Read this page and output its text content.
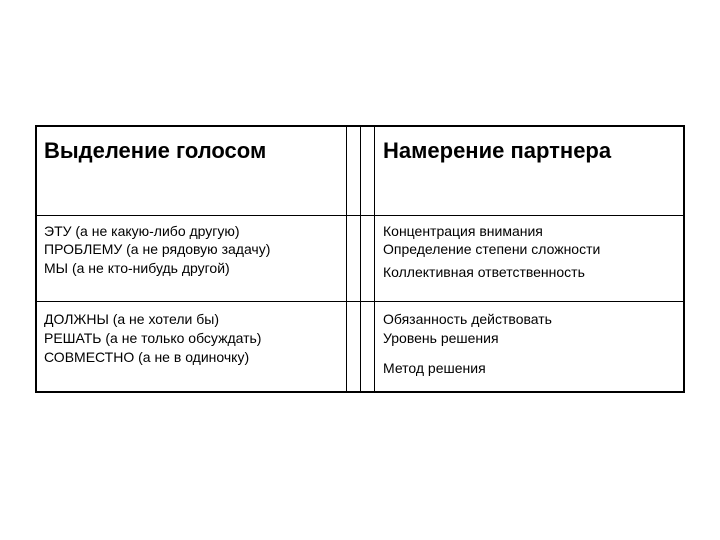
Выделение голосом	Намерение партнера
ЭТУ (а не какую-либо другую)
ПРОБЛЕМУ (а не рядовую задачу)
МЫ (а не кто-нибудь другой)
Концентрация внимания
Определение степени сложности
Коллективная ответственность
ДОЛЖНЫ (а не хотели бы)
РЕШАТЬ (а не только обсуждать)
СОВМЕСТНО (а не в одиночку)
Обязанность действовать
Уровень решения
Метод решения
